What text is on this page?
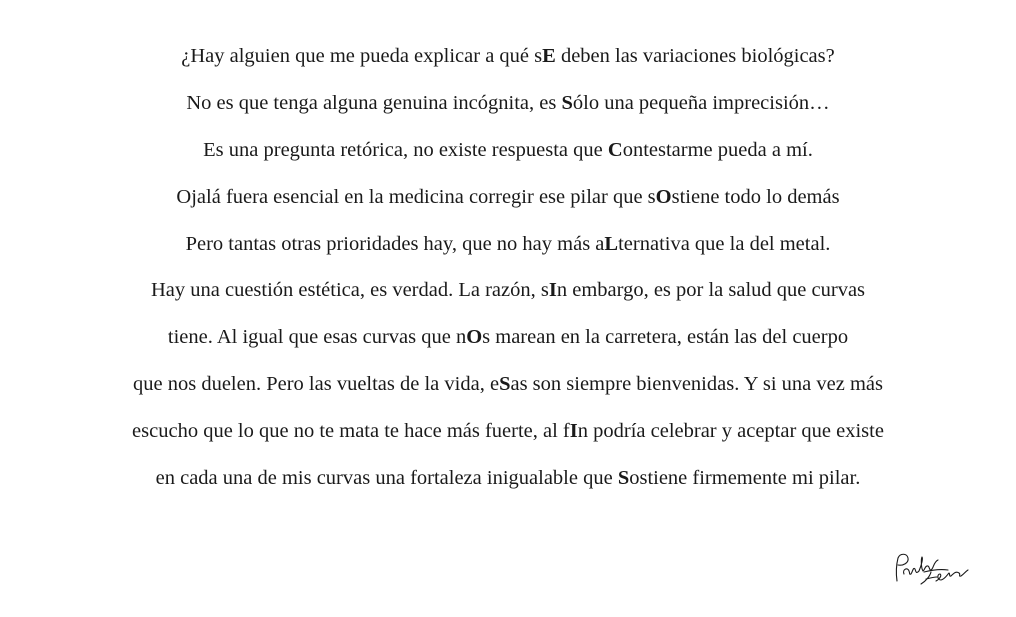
¿Hay alguien que me pueda explicar a qué sE deben las variaciones biológicas?
No es que tenga alguna genuina incógnita, es Sólo una pequeña imprecisión…
Es una pregunta retórica, no existe respuesta que Contestarme pueda a mí.
Ojalá fuera esencial en la medicina corregir ese pilar que sOstiene todo lo demás
Pero tantas otras prioridades hay, que no hay más aLternativa que la del metal.
Hay una cuestión estética, es verdad. La razón, sIn embargo, es por la salud que curvas
tiene. Al igual que esas curvas que nOs marean en la carretera, están las del cuerpo
que nos duelen. Pero las vueltas de la vida, eSas son siempre bienvenidas. Y si una vez más
escucho que lo que no te mata te hace más fuerte, al fIn podría celebrar y aceptar que existe
en cada una de mis curvas una fortaleza inigualable que Sostiene firmemente mi pilar.
